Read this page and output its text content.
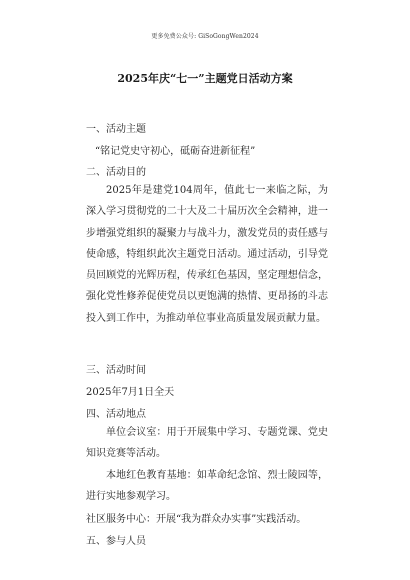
更多免费公众号: GiSoGongWen2024
2025年庆“七一”主题党日活动方案
一、活动主题
“铭记党史守初心，砥砺奋进新征程”
二、活动目的
2025年是建党104周年，值此七一来临之际，为深入学习贯彻党的二十大及二十届历次全会精神，进一步增强党组织的凝聚力与战斗力，激发党员的责任感与使命感，特组织此次主题党日活动。通过活动，引导党员回顾党的光辉历程，传承红色基因，坚定理想信念，强化党性修养促使党员以更饱满的热情、更昂扬的斗志投入到工作中，为推动单位事业高质量发展贡献力量。
三、活动时间
2025年7月1日全天
四、活动地点
单位会议室：用于开展集中学习、专题党课、党史知识竞赛等活动。
本地红色教育基地：如革命纪念馆、烈士陵园等，进行实地参观学习。
社区服务中心：开展“我为群众办实事”实践活动。
五、参与人员
